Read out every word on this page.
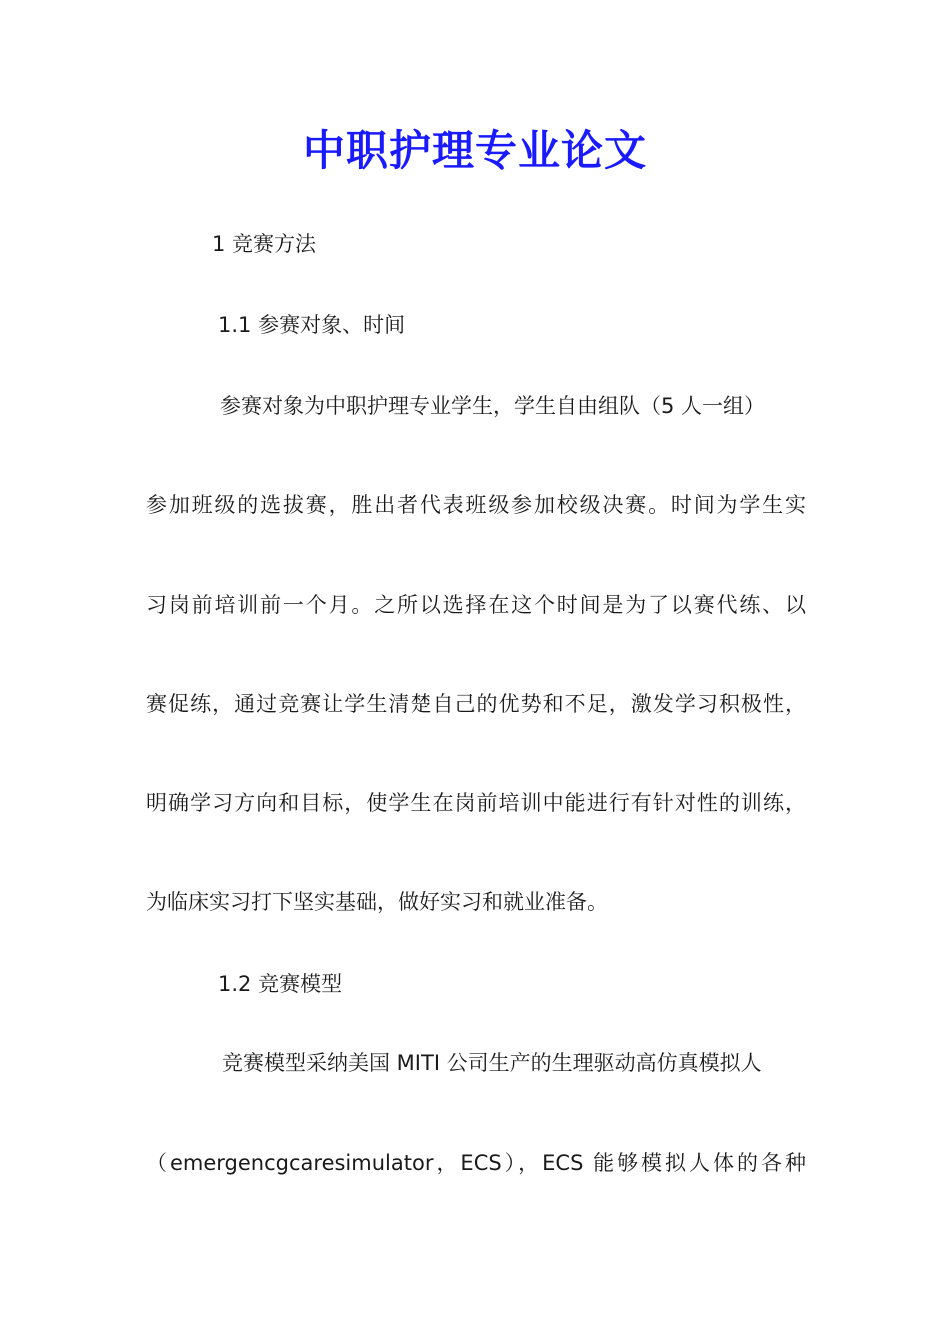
中职护理专业论文
1 竞赛方法
1.1 参赛对象、时间
参赛对象为中职护理专业学生，学生自由组队（5 人一组）
参加班级的选拔赛，胜出者代表班级参加校级决赛。时间为学生实
习岗前培训前一个月。之所以选择在这个时间是为了以赛代练、以
赛促练，通过竞赛让学生清楚自己的优势和不足，激发学习积极性，
明确学习方向和目标，使学生在岗前培训中能进行有针对性的训练，
为临床实习打下坚实基础，做好实习和就业准备。
1.2 竞赛模型
竞赛模型采纳美国 MITI 公司生产的生理驱动高仿真模拟人
（emergencgcaresimulator，ECS），ECS 能够模拟人体的各种
